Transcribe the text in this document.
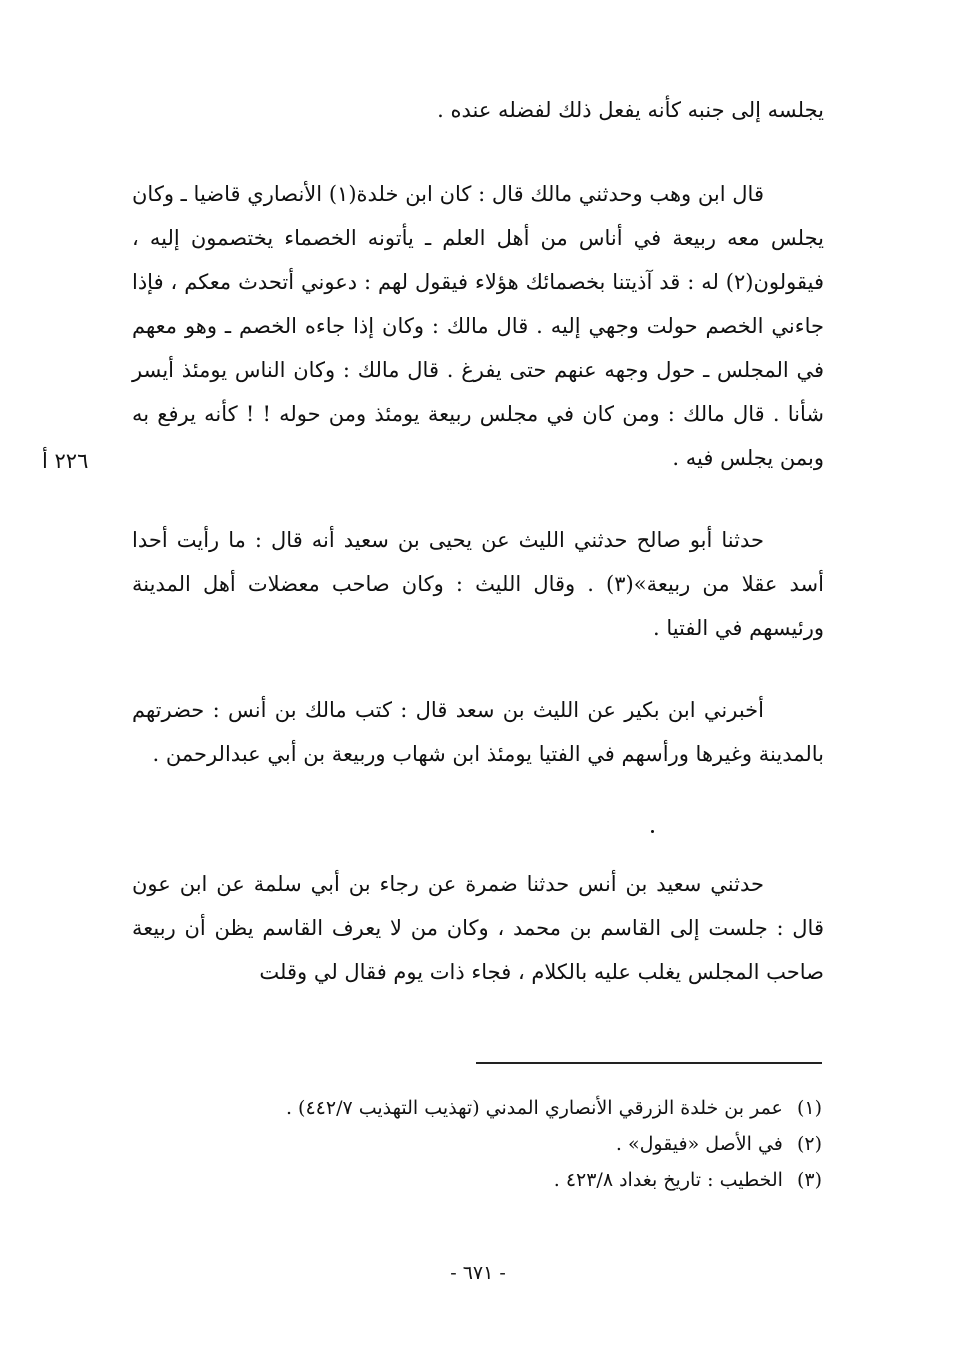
يجلسه إلى جنبه كأنه يفعل ذلك لفضله عنده .

قال ابن وهب وحدثني مالك قال : كان ابن خلدة(١) الأنصاري قاضيا ـ وكان يجلس معه ربيعة في أناس من أهل العلم ـ يأتونه الخصماء يختصمون إليه ، فيقولون(٢) له : قد آذيتنا بخصمائك هؤلاء فيقول لهم : دعوني أتحدث معكم ، فإذا جاءني الخصم حولت وجهي إليه . قال مالك : وكان إذا جاءه الخصم ـ وهو معهم في المجلس ـ حول وجهه عنهم حتى يفرغ . قال مالك : وكان الناس يومئذ أيسر شأنا . قال مالك : ومن كان في مجلس ربيعة يومئذ ومن حوله ! ! كأنه يرفع به وبمن يجلس فيه .

٢٢٦ أ

حدثنا أبو صالح حدثني الليث عن يحيى بن سعيد أنه قال : ما رأيت أحدا أسد عقلا من ربيعة»(٣) . وقال الليث : وكان صاحب معضلات أهل المدينة ورئيسهم في الفتيا .

أخبرني ابن بكير عن الليث بن سعد قال : كتب مالك بن أنس : حضرتهم بالمدينة وغيرها ورأسهم في الفتيا يومئذ ابن شهاب وربيعة بن أبي عبدالرحمن .

حدثني سعيد بن أنس حدثنا ضمرة عن رجاء بن أبي سلمة عن ابن عون قال : جلست إلى القاسم بن محمد ، وكان من لا يعرف القاسم يظن أن ربيعة صاحب المجلس يغلب عليه بالكلام ، فجاء ذات يوم فقال لي وقلت

(١) عمر بن خلدة الزرقي الأنصاري المدني (تهذيب التهذيب ٤٤٢/٧) .

(٢) في الأصل «فيقول» .

(٣) الخطيب : تاريخ بغداد ٤٢٣/٨ .

- ٦٧١ -
